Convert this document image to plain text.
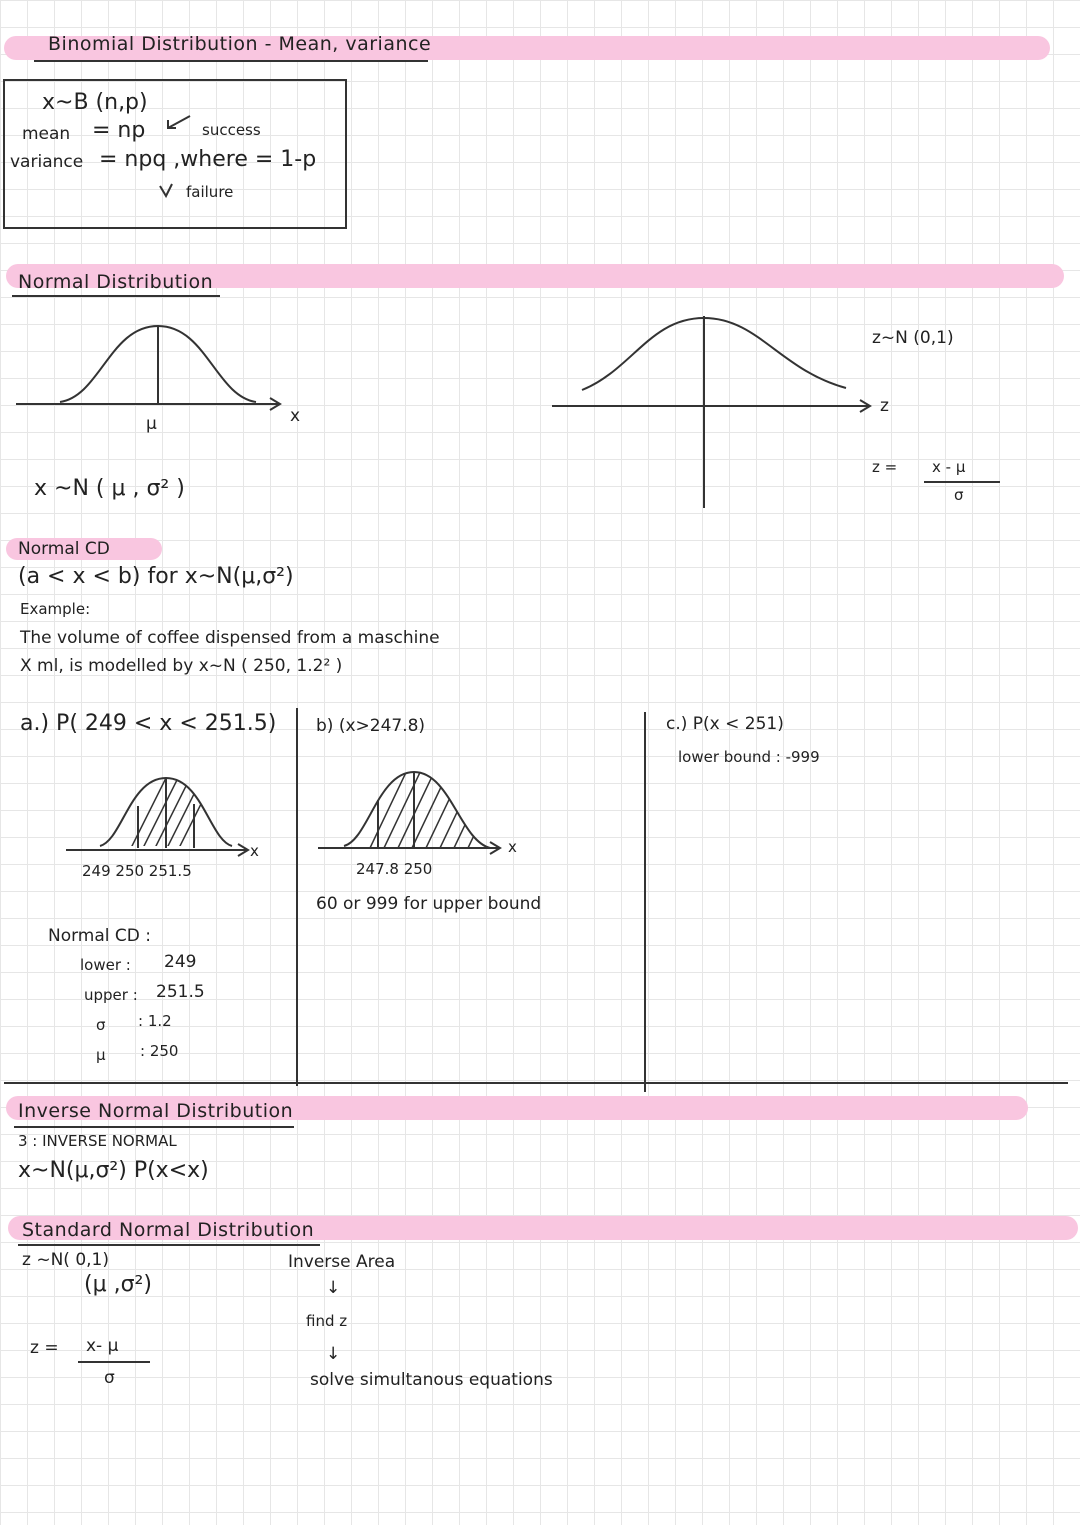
Binomial Distribution - Mean, variance
x~B (n,p)
mean = np	success
variance = npq ,where = 1-p
failure
Normal Distribution
μ	x
x ~N ( μ , σ² )
z
z~N (0,1)
z = x - μ
σ
Normal CD
(a < x < b) for x~N(μ,σ²)
Example:
The volume of coffee dispensed from a maschine
X ml, is modelled by x~N ( 250, 1.2² )
a.) P( 249 < x < 251.5)
x
249 250 251.5
Normal CD :
lower : 249
upper : 251.5
σ : 1.2
μ : 250
b) (x>247.8)
x
247.8 250
60 or 999 for upper bound
c.) P(x < 251)
lower bound : -999
Inverse Normal Distribution
3 : INVERSE NORMAL
x~N(μ,σ²) P(x<x)
Standard Normal Distribution
z ~N( 0,1)
(μ ,σ²)
z = x- μ
σ
Inverse Area
↓
find z
↓
solve simultanous equations
